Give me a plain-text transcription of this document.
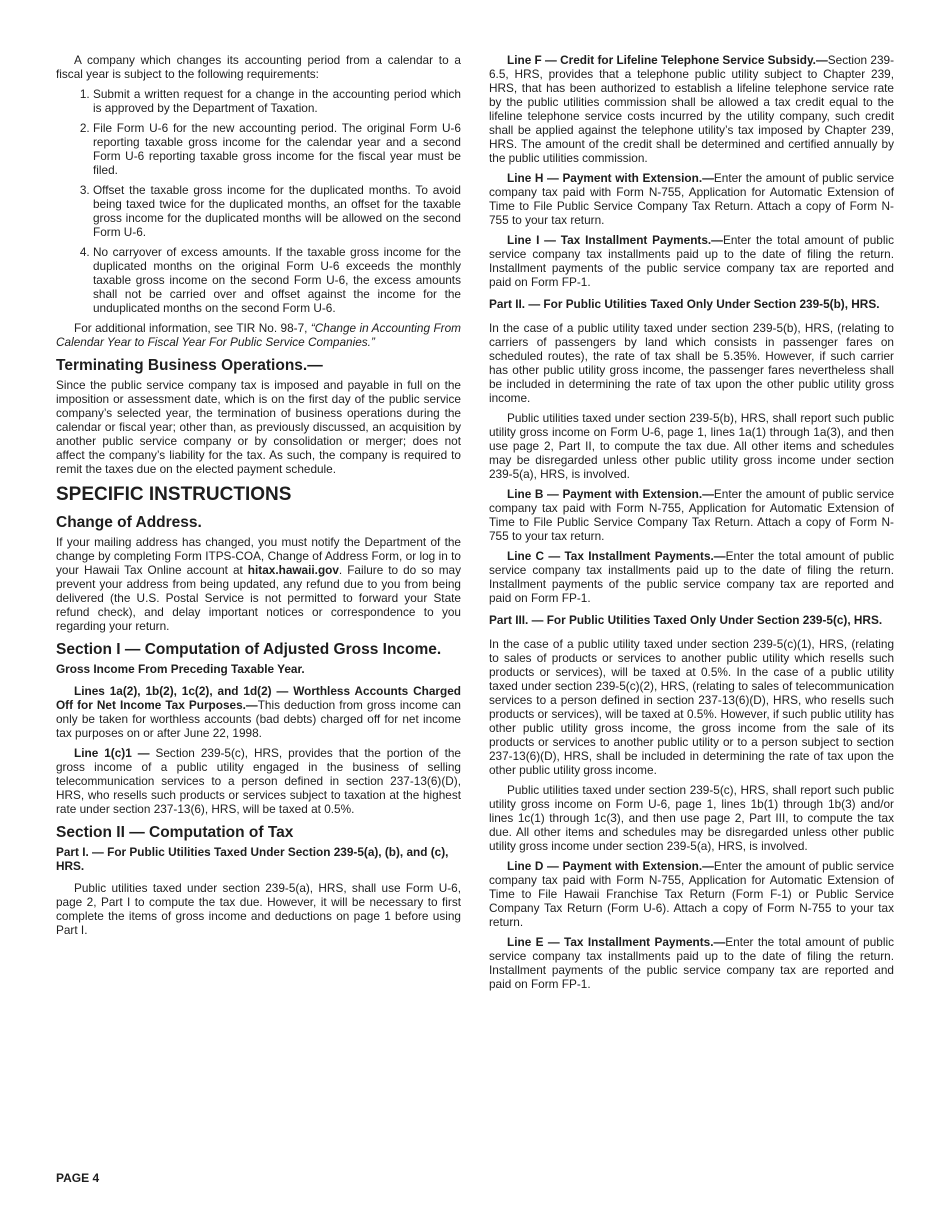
A company which changes its accounting period from a calendar to a fiscal year is subject to the following requirements:

1. Submit a written request for a change in the accounting period which is approved by the Department of Taxation.
2. File Form U-6 for the new accounting period. The original Form U-6 reporting taxable gross income for the calendar year and a second Form U-6 reporting taxable gross income for the fiscal year must be filed.
3. Offset the taxable gross income for the duplicated months. To avoid being taxed twice for the duplicated months, an offset for the taxable gross income for the duplicated months will be allowed on the second Form U-6.
4. No carryover of excess amounts. If the taxable gross income for the duplicated months on the original Form U-6 exceeds the monthly taxable gross income on the second Form U-6, the excess amounts shall not be carried over and offset against the income for the unduplicated months on the second Form U-6.

For additional information, see TIR No. 98-7, “Change in Accounting From Calendar Year to Fiscal Year For Public Service Companies.”

Terminating Business Operations.—

Since the public service company tax is imposed and payable in full on the imposition or assessment date, which is on the first day of the public service company’s selected year, the termination of business operations during the calendar or fiscal year; other than, as previously discussed, an acquisition by another public service company or by consolidation or merger; does not affect the company’s liability for the tax. As such, the company is required to remit the taxes due on the elected payment schedule.

SPECIFIC INSTRUCTIONS
Change of Address.

If your mailing address has changed, you must notify the Department of the change by completing Form ITPS-COA, Change of Address Form, or log in to your Hawaii Tax Online account at hitax.hawaii.gov. Failure to do so may prevent your address from being updated, any refund due to you from being delivered (the U.S. Postal Service is not permitted to forward your State refund check), and delay important notices or correspondence to you regarding your return.

Section I — Computation of Adjusted Gross Income.
Gross Income From Preceding Taxable Year.

Lines 1a(2), 1b(2), 1c(2), and 1d(2) — Worthless Accounts Charged Off for Net Income Tax Purposes.—This deduction from gross income can only be taken for worthless accounts (bad debts) charged off for net income tax purposes on or after June 22, 1998.

Line 1(c)1 — Section 239-5(c), HRS, provides that the portion of the gross income of a public utility engaged in the business of selling telecommunication services to a person defined in section 237-13(6)(D), HRS, who resells such products or services subject to taxation at the highest rate under section 237-13(6), HRS, will be taxed at 0.5%.

Section II — Computation of Tax
Part I. — For Public Utilities Taxed Under Section 239-5(a), (b), and (c), HRS.

Public utilities taxed under section 239-5(a), HRS, shall use Form U-6, page 2, Part I to compute the tax due. However, it will be necessary to first complete the items of gross income and deductions on page 1 before using Part I.

Line F — Credit for Lifeline Telephone Service Subsidy.—Section 239-6.5, HRS, provides that a telephone public utility subject to Chapter 239, HRS, that has been authorized to establish a lifeline telephone service rate by the public utilities commission shall be allowed a tax credit equal to the lifeline telephone service costs incurred by the utility company, such credit shall be applied against the telephone utility’s tax imposed by Chapter 239, HRS. The amount of the credit shall be determined and certified annually by the public utilities commission.

Line H — Payment with Extension.—Enter the amount of public service company tax paid with Form N-755, Application for Automatic Extension of Time to File Public Service Company Tax Return. Attach a copy of Form N-755 to your tax return.

Line I — Tax Installment Payments.—Enter the total amount of public service company tax installments paid up to the date of filing the return. Installment payments of the public service company tax are reported and paid on Form FP-1.

Part II. — For Public Utilities Taxed Only Under Section 239-5(b), HRS.

In the case of a public utility taxed under section 239-5(b), HRS, (relating to carriers of passengers by land which consists in passenger fares on scheduled routes), the rate of tax shall be 5.35%. However, if such carrier has other public utility gross income, the passenger fares nevertheless shall be included in determining the rate of tax upon the other public utility gross income.

Public utilities taxed under section 239-5(b), HRS, shall report such public utility gross income on Form U-6, page 1, lines 1a(1) through 1a(3), and then use page 2, Part II, to compute the tax due. All other items and schedules may be disregarded unless other public utility gross income under section 239-5(a), HRS, is involved.

Line B — Payment with Extension.—Enter the amount of public service company tax paid with Form N-755, Application for Automatic Extension of Time to File Public Service Company Tax Return. Attach a copy of Form N-755 to your tax return.

Line C — Tax Installment Payments.—Enter the total amount of public service company tax installments paid up to the date of filing the return. Installment payments of the public service company tax are reported and paid on Form FP-1.

Part III. — For Public Utilities Taxed Only Under Section 239-5(c), HRS.

In the case of a public utility taxed under section 239-5(c)(1), HRS, (relating to sales of products or services to another public utility which resells such products or services), will be taxed at 0.5%. In the case of a public utility taxed under section 239-5(c)(2), HRS, (relating to sales of telecommunication services to a person defined in section 237-13(6)(D), HRS, who resells such products or services), will be taxed at 0.5%. However, if such public utility has other public utility gross income, the gross income from the sale of its products or services to another public utility or to a person subject to section 237-13(6)(D), HRS, shall be included in determining the rate of tax upon the other public utility gross income.

Public utilities taxed under section 239-5(c), HRS, shall report such public utility gross income on Form U-6, page 1, lines 1b(1) through 1b(3) and/or lines 1c(1) through 1c(3), and then use page 2, Part III, to compute the tax due. All other items and schedules may be disregarded unless other public utility gross income under section 239-5(a), HRS, is involved.

Line D — Payment with Extension.—Enter the amount of public service company tax paid with Form N-755, Application for Automatic Extension of Time to File Hawaii Franchise Tax Return (Form F-1) or Public Service Company Tax Return (Form U-6). Attach a copy of Form N-755 to your tax return.

Line E — Tax Installment Payments.—Enter the total amount of public service company tax installments paid up to the date of filing the return. Installment payments of the public service company tax are reported and paid on Form FP-1.

PAGE 4
